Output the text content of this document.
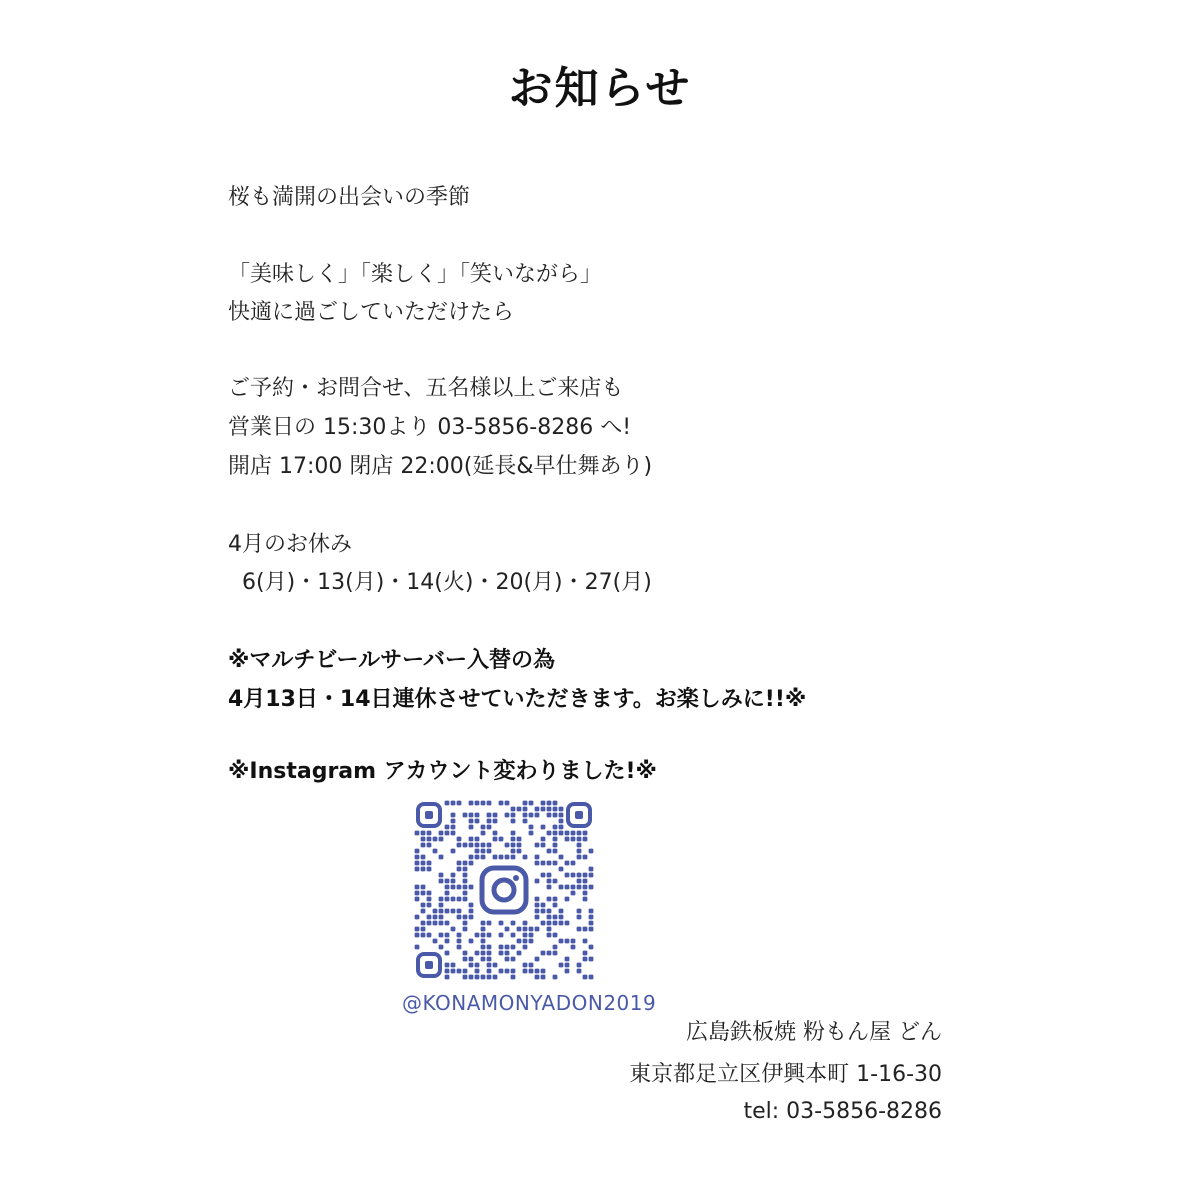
お知らせ
桜も満開の出会いの季節
「美味しく」「楽しく」「笑いながら」
快適に過ごしていただけたら
ご予約・お問合せ、五名様以上ご来店も
営業日の 15:30より 03-5856-8286 へ!
開店 17:00 閉店 22:00(延長&早仕舞あり)
4月のお休み
6(月)・13(月)・14(火)・20(月)・27(月)
※マルチビールサーバー入替の為
4月13日・14日連休させていただきます。お楽しみに!!※
※Instagram アカウント変わりました!※
@KONAMONYADON2019
広島鉄板焼 粉もん屋 どん
東京都足立区伊興本町 1-16-30
tel: 03-5856-8286
